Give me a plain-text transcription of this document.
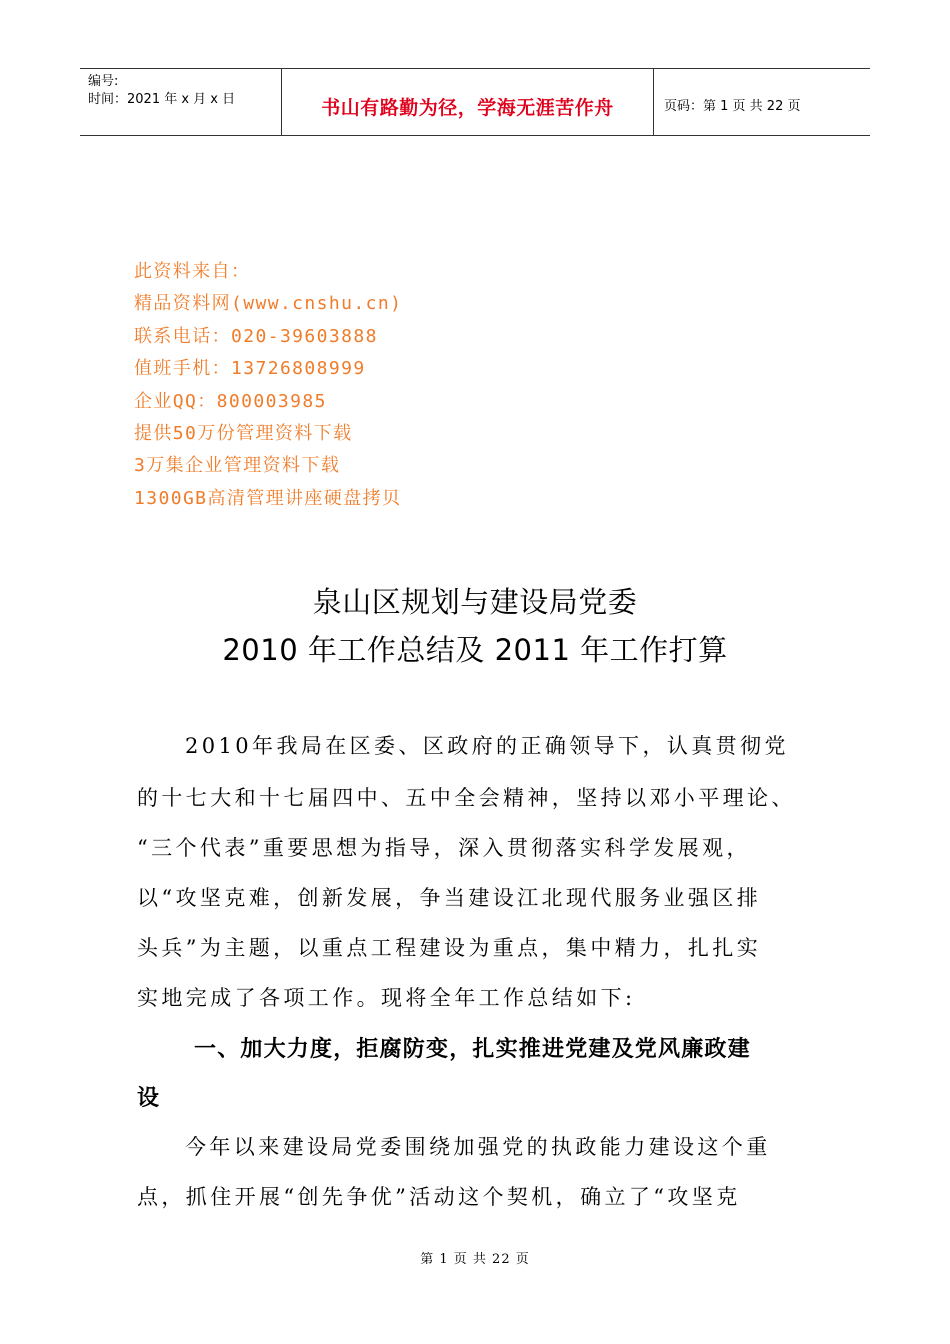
编号:
时间：2021 年 x 月 x 日	书山有路勤为径，学海无涯苦作舟	页码：第 1 页 共 22 页
此资料来自：
精品资料网(www.cnshu.cn)
联系电话：020-39603888
值班手机：13726808999
企业QQ：800003985
提供50万份管理资料下载
3万集企业管理资料下载
1300GB高清管理讲座硬盘拷贝
泉山区规划与建设局党委
2010 年工作总结及 2011 年工作打算
2010年我局在区委、区政府的正确领导下，认真贯彻党
的十七大和十七届四中、五中全会精神，坚持以邓小平理论、
“三个代表”重要思想为指导，深入贯彻落实科学发展观，
以“攻坚克难，创新发展，争当建设江北现代服务业强区排
头兵”为主题，以重点工程建设为重点，集中精力，扎扎实
实地完成了各项工作。现将全年工作总结如下:
一、加大力度，拒腐防变，扎实推进党建及党风廉政建
设
今年以来建设局党委围绕加强党的执政能力建设这个重
点，抓住开展“创先争优”活动这个契机，确立了“攻坚克
第 1 页 共 22 页
